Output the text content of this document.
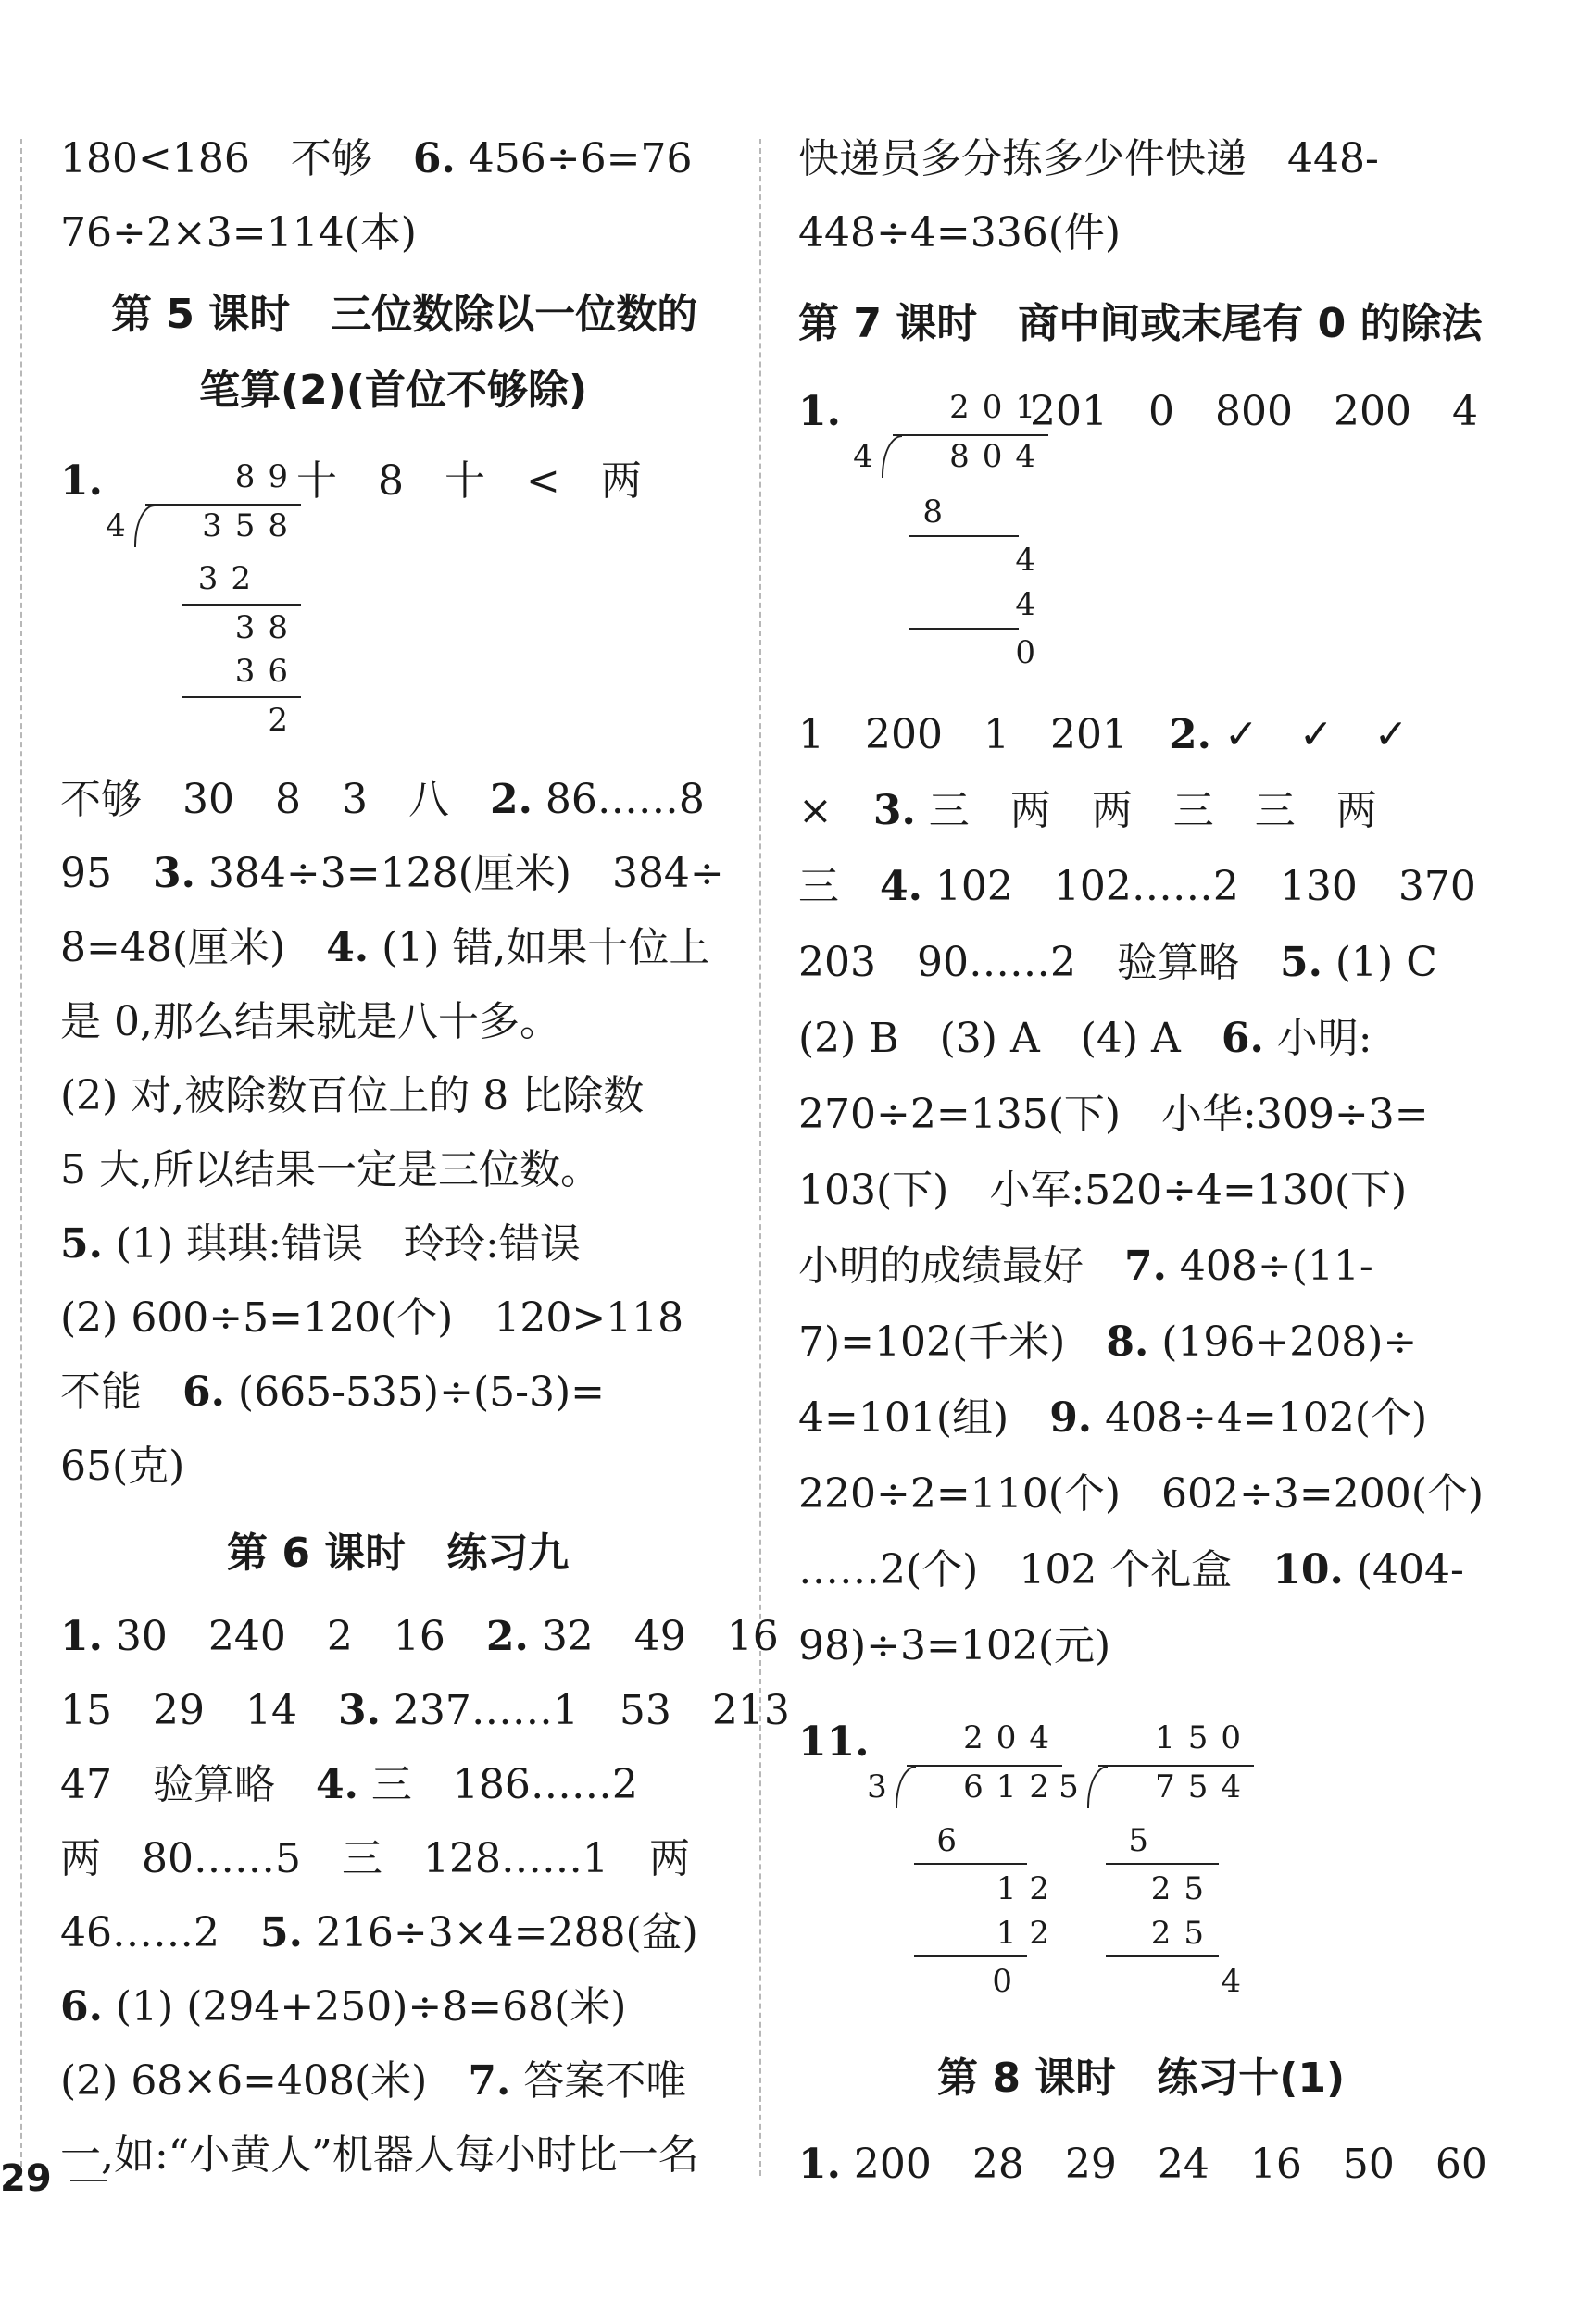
180<186　不够　6. 456÷6=76
76÷2×3=114(本)
第 5 课时　三位数除以一位数的
笔算(2)(首位不够除)
1.	89
4	358
32
38
36
2
十　8　十　<　两
不够　30　8　3　八　2. 86……8
95　3. 384÷3=128(厘米)　384÷
8=48(厘米)　4. (1) 错,如果十位上
是 0,那么结果就是八十多。
(2) 对,被除数百位上的 8 比除数
5 大,所以结果一定是三位数。
5. (1) 琪琪:错误　玲玲:错误
(2) 600÷5=120(个)　120>118
不能　6. (665-535)÷(5-3)=
65(克)
第 6 课时　练习九
1. 30　240　2　16　2. 32　49　16
15　29　14　3. 237……1　53　213
47　验算略　4. 三　186……2
两　80……5　三　128……1　两
46……2　5. 216÷3×4=288(盆)
6. (1) (294+250)÷8=68(米)
(2) 68×6=408(米)　7. 答案不唯
一,如:“小黄人”机器人每小时比一名
快递员多分拣多少件快递　448-
448÷4=336(件)
第 7 课时　商中间或末尾有 0 的除法
1.	201
4	804
8
4
4
0
201　0　800　200　4
1　200　1　201　2. ✓　✓　✓
×　3. 三　两　两　三　三　两
三　4. 102　102……2　130　370
203　90……2　验算略　5. (1) C
(2) B　(3) A　(4) A　6. 小明:
270÷2=135(下)　小华:309÷3=
103(下)　小军:520÷4=130(下)
小明的成绩最好　7. 408÷(11-
7)=102(千米)　8. (196+208)÷
4=101(组)　9. 408÷4=102(个)
220÷2=110(个)　602÷3=200(个)
……2(个)　102 个礼盒　10. (404-
98)÷3=102(元)
11.	204
3	612
6
12
12
0
150
5	754
5
25
25
4
第 8 课时　练习十(1)
1. 200　28　29　24　16　50　60
29
